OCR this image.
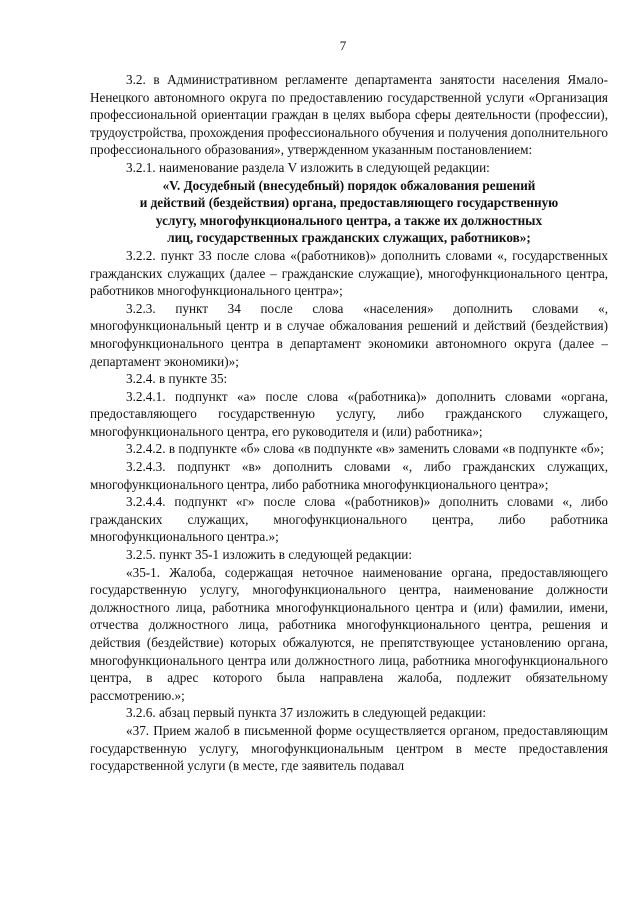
7

3.2. в Административном регламенте департамента занятости населения Ямало-Ненецкого автономного округа по предоставлению государственной услуги «Организация профессиональной ориентации граждан в целях выбора сферы деятельности (профессии), трудоустройства, прохождения профессионального обучения и получения дополнительного профессионального образования», утвержденном указанным постановлением:

3.2.1. наименование раздела V изложить в следующей редакции:

«V. Досудебный (внесудебный) порядок обжалования решений

и действий (бездействия) органа, предоставляющего государственную

услугу, многофункционального центра, а также их должностных

лиц, государственных гражданских служащих, работников»;

3.2.2. пункт 33 после слова «(работников)» дополнить словами «, государственных гражданских служащих (далее – гражданские служащие), многофункционального центра, работников многофункционального центра»;

3.2.3. пункт 34 после слова «населения» дополнить словами «, многофункциональный центр и в случае обжалования решений и действий (бездействия) многофункционального центра в департамент экономики автономного округа (далее – департамент экономики)»;

3.2.4. в пункте 35:

3.2.4.1. подпункт «а» после слова «(работника)» дополнить словами «органа, предоставляющего государственную услугу, либо гражданского служащего, многофункционального центра, его руководителя и (или) работника»;

3.2.4.2. в подпункте «б» слова «в подпункте «в» заменить словами «в подпункте «б»;

3.2.4.3. подпункт «в» дополнить словами «, либо гражданских служащих, многофункционального центра, либо работника многофункционального центра»;

3.2.4.4. подпункт «г» после слова «(работников)» дополнить словами «, либо гражданских служащих, многофункционального центра, либо работника многофункционального центра.»;

3.2.5. пункт 35-1 изложить в следующей редакции:

«35-1. Жалоба, содержащая неточное наименование органа, предоставляющего государственную услугу, многофункционального центра, наименование должности должностного лица, работника многофункционального центра и (или) фамилии, имени, отчества должностного лица, работника многофункционального центра, решения и действия (бездействие) которых обжалуются, не препятствующее установлению органа, многофункционального центра или должностного лица, работника многофункционального центра, в адрес которого была направлена жалоба, подлежит обязательному рассмотрению.»;

3.2.6. абзац первый пункта 37 изложить в следующей редакции:

«37. Прием жалоб в письменной форме осуществляется органом, предоставляющим государственную услугу, многофункциональным центром в месте предоставления государственной услуги (в месте, где заявитель подавал
